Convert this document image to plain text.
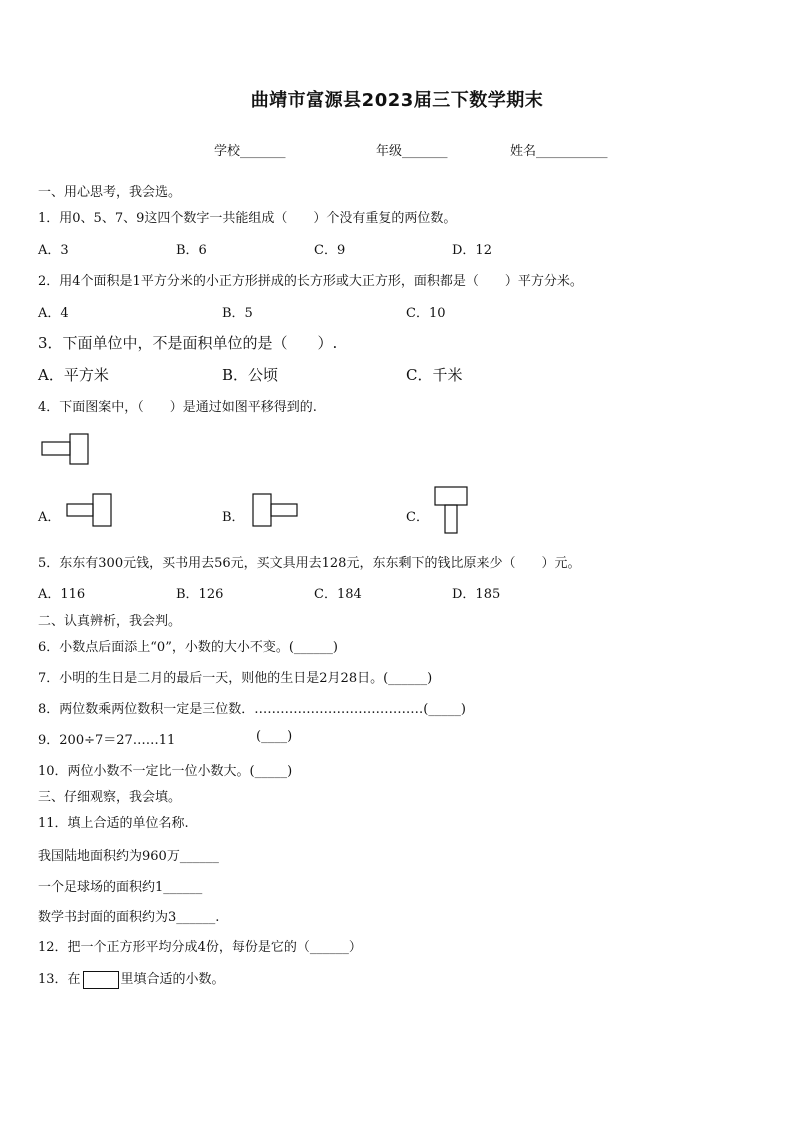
曲靖市富源县2023届三下数学期末
学校_______	年级_______	姓名___________
一、用心思考，我会选。
1．用0、5、7、9这四个数字一共能组成（　　）个没有重复的两位数。
A．3	B．6	C．9	D．12
2．用4个面积是1平方分米的小正方形拼成的长方形或大正方形，面积都是（　　）平方分米。
A．4	B．5	C．10
3．下面单位中，不是面积单位的是（　　）.
A．平方米	B．公顷	C．千米
4．下面图案中，（　　）是通过如图平移得到的.
A．	B．	C．
5．东东有300元钱，买书用去56元，买文具用去128元，东东剩下的钱比原来少（　　）元。
A．116	B．126	C．184	D．185
二、认真辨析，我会判。
6．小数点后面添上“0”，小数的大小不变。(______)
7．小明的生日是二月的最后一天，则他的生日是2月28日。(______)
8．两位数乘两位数积一定是三位数．…………………………………(_____)
9．200÷7＝27……11	(____)
10．两位小数不一定比一位小数大。(_____)
三、仔细观察，我会填。
11．填上合适的单位名称.
我国陆地面积约为960万______
一个足球场的面积约1______
数学书封面的面积约为3______.
12．把一个正方形平均分成4份，每份是它的（______）
13．在	里填合适的小数。
